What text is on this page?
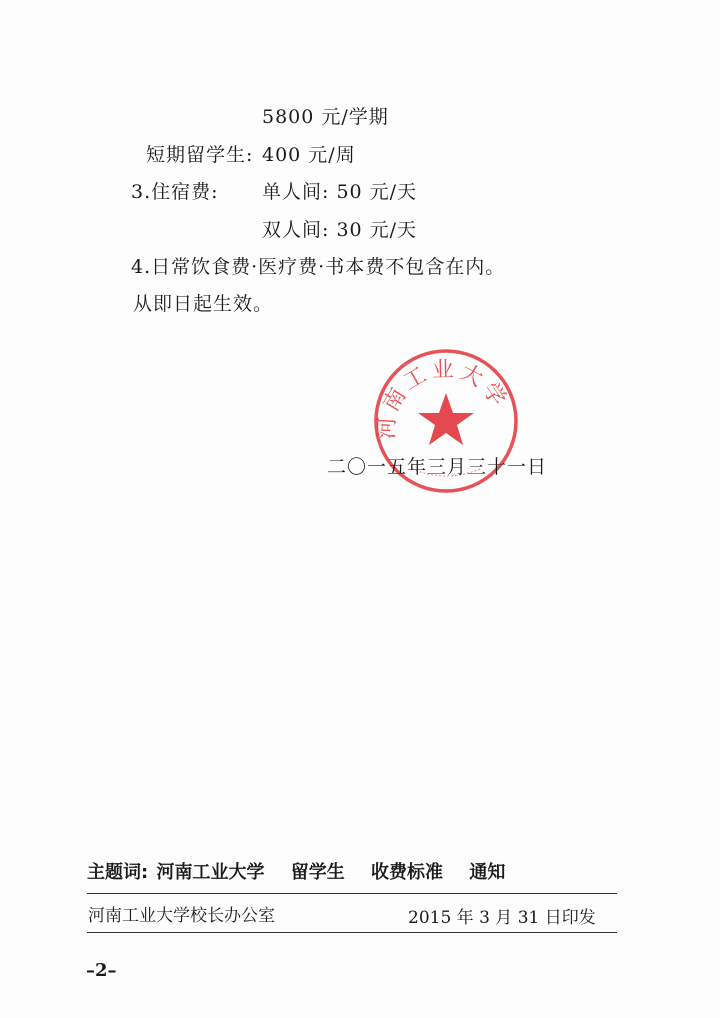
5800 元/学期
短期留学生: 400 元/周
3.住宿费: 单人间: 50 元/天
双人间: 30 元/天
4.日常饮食费·医疗费·书本费不包含在内。
从即日起生效。
河南工业大学
二〇一五年三月三十一日
主题词: 河南工业大学 留学生 收费标准 通知
河南工业大学校长办公室	2015 年 3 月 31 日印发
–2–
